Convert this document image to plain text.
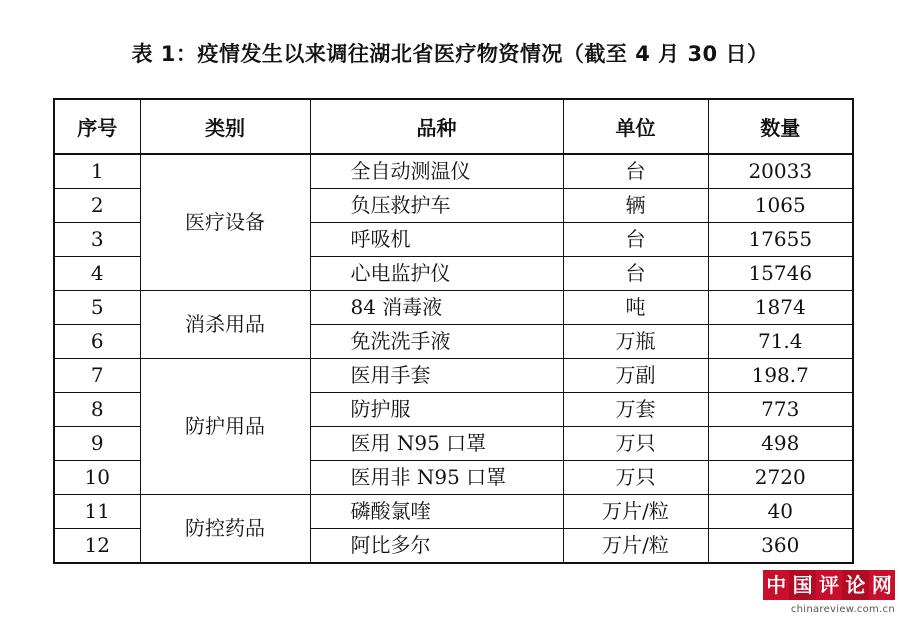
表 1：疫情发生以来调往湖北省医疗物资情况（截至 4 月 30 日）
序号	类别	品种	单位	数量
1	医疗设备	全自动测温仪	台	20033
2		负压救护车	辆	1065
3		呼吸机	台	17655
4		心电监护仪	台	15746
5	消杀用品	84 消毒液	吨	1874
6		免洗洗手液	万瓶	71.4
7	防护用品	医用手套	万副	198.7
8		防护服	万套	773
9		医用 N95 口罩	万只	498
10		医用非 N95 口罩	万只	2720
11	防控药品	磷酸氯喹	万片/粒	40
12		阿比多尔	万片/粒	360
中 国 评 论 网
chinareview.com.cn
